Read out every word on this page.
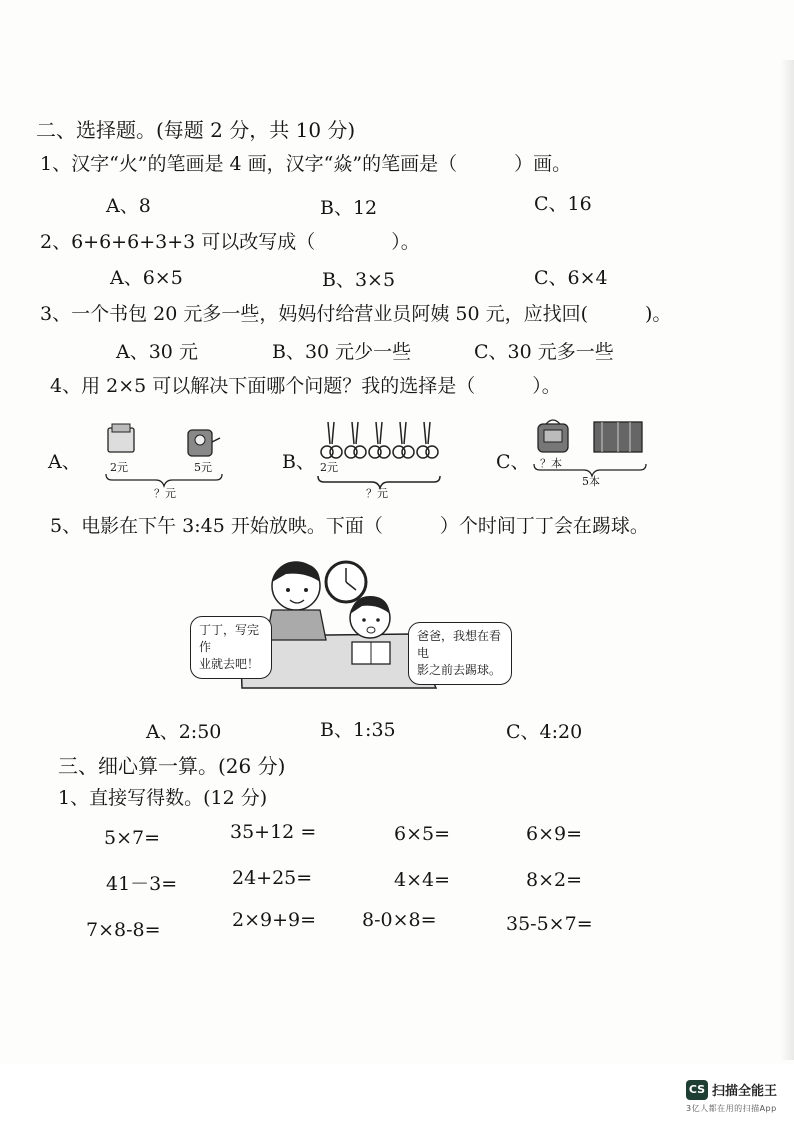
二、选择题。(每题 2 分，共 10 分)
1、汉字“火”的笔画是 4 画，汉字“焱”的笔画是（　　　）画。
A、8	B、12	C、16
2、6+6+6+3+3 可以改写成（　　　　）。
A、6×5	B、3×5	C、6×4
3、一个书包 20 元多一些，妈妈付给营业员阿姨 50 元，应找回(　　　)。
A、30 元	B、30 元少一些	C、30 元多一些
4、用 2×5 可以解决下面哪个问题？我的选择是（　　　）。
A、	2元	5元
？元
B、 2元
？元
C、 ？本
5本
5、电影在下午 3:45 开始放映。下面（　　　）个时间丁丁会在踢球。
丁丁，写完作
业就去吧！
爸爸，我想在看电
影之前去踢球。
A、2:50	B、1:35	C、4:20
三、细心算一算。(26 分)
1、直接写得数。(12 分)
5×7=	35+12 =	6×5=	6×9=
41－3=	24+25=	4×4=	8×2=
7×8-8=	2×9+9= 8-0×8=	35-5×7=
CS 扫描全能王
3亿人都在用的扫描App
